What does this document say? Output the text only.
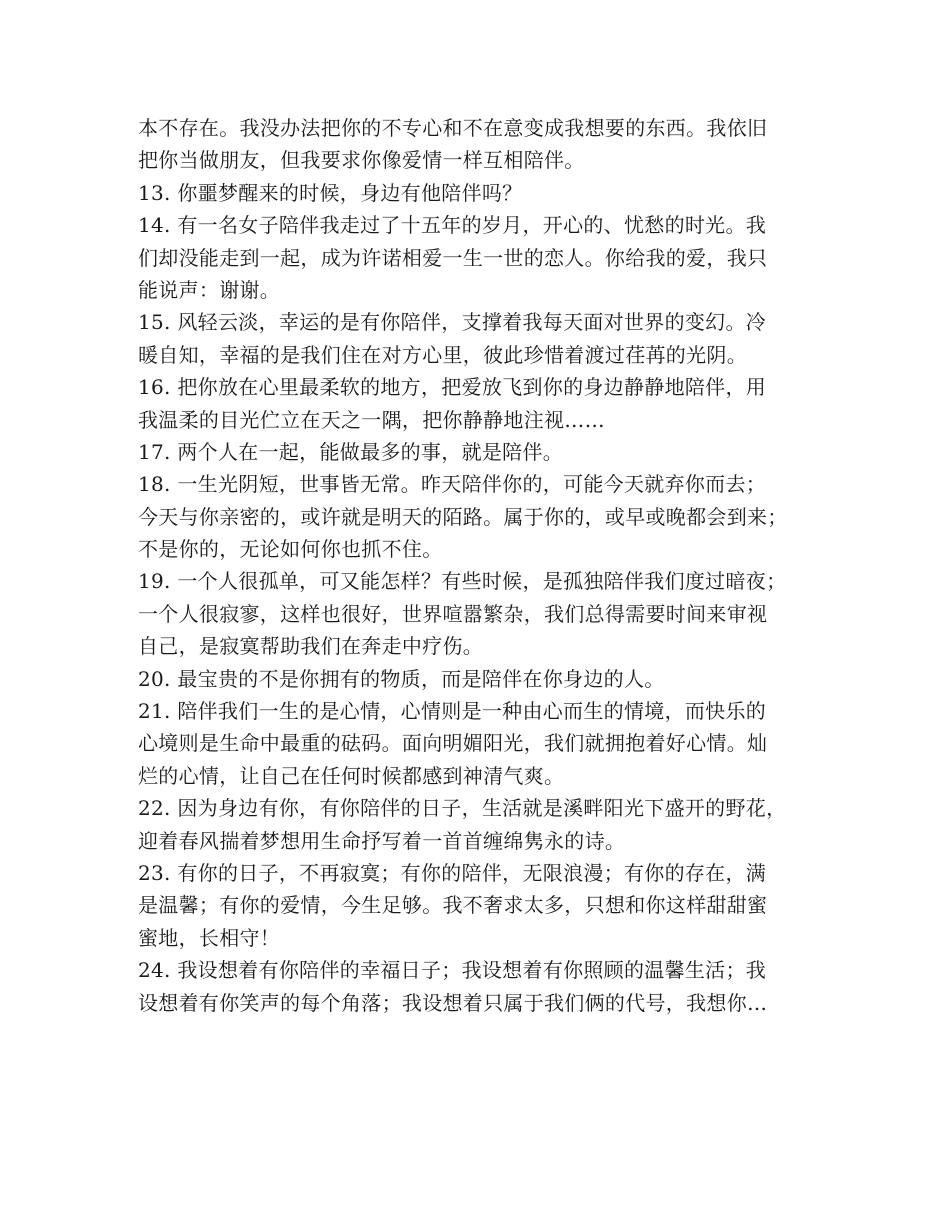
本不存在。我没办法把你的不专心和不在意变成我想要的东西。我依旧
把你当做朋友，但我要求你像爱情一样互相陪伴。
13. 你噩梦醒来的时候，身边有他陪伴吗？
14. 有一名女子陪伴我走过了十五年的岁月，开心的、忧愁的时光。我
们却没能走到一起，成为许诺相爱一生一世的恋人。你给我的爱，我只
能说声：谢谢。
15. 风轻云淡，幸运的是有你陪伴，支撑着我每天面对世界的变幻。冷
暖自知，幸福的是我们住在对方心里，彼此珍惜着渡过荏苒的光阴。
16. 把你放在心里最柔软的地方，把爱放飞到你的身边静静地陪伴，用
我温柔的目光伫立在天之一隅，把你静静地注视……
17. 两个人在一起，能做最多的事，就是陪伴。
18. 一生光阴短，世事皆无常。昨天陪伴你的，可能今天就弃你而去；
今天与你亲密的，或许就是明天的陌路。属于你的，或早或晚都会到来；
不是你的，无论如何你也抓不住。
19. 一个人很孤单，可又能怎样？有些时候，是孤独陪伴我们度过暗夜；
一个人很寂寥，这样也很好，世界喧嚣繁杂，我们总得需要时间来审视
自己，是寂寞帮助我们在奔走中疗伤。
20. 最宝贵的不是你拥有的物质，而是陪伴在你身边的人。
21. 陪伴我们一生的是心情，心情则是一种由心而生的情境，而快乐的
心境则是生命中最重的砝码。面向明媚阳光，我们就拥抱着好心情。灿
烂的心情，让自己在任何时候都感到神清气爽。
22. 因为身边有你，有你陪伴的日子，生活就是溪畔阳光下盛开的野花，
迎着春风揣着梦想用生命抒写着一首首缠绵隽永的诗。
23. 有你的日子，不再寂寞；有你的陪伴，无限浪漫；有你的存在，满
是温馨；有你的爱情，今生足够。我不奢求太多，只想和你这样甜甜蜜
蜜地，长相守！
24. 我设想着有你陪伴的幸福日子；我设想着有你照顾的温馨生活；我
设想着有你笑声的每个角落；我设想着只属于我们俩的代号，我想你…
